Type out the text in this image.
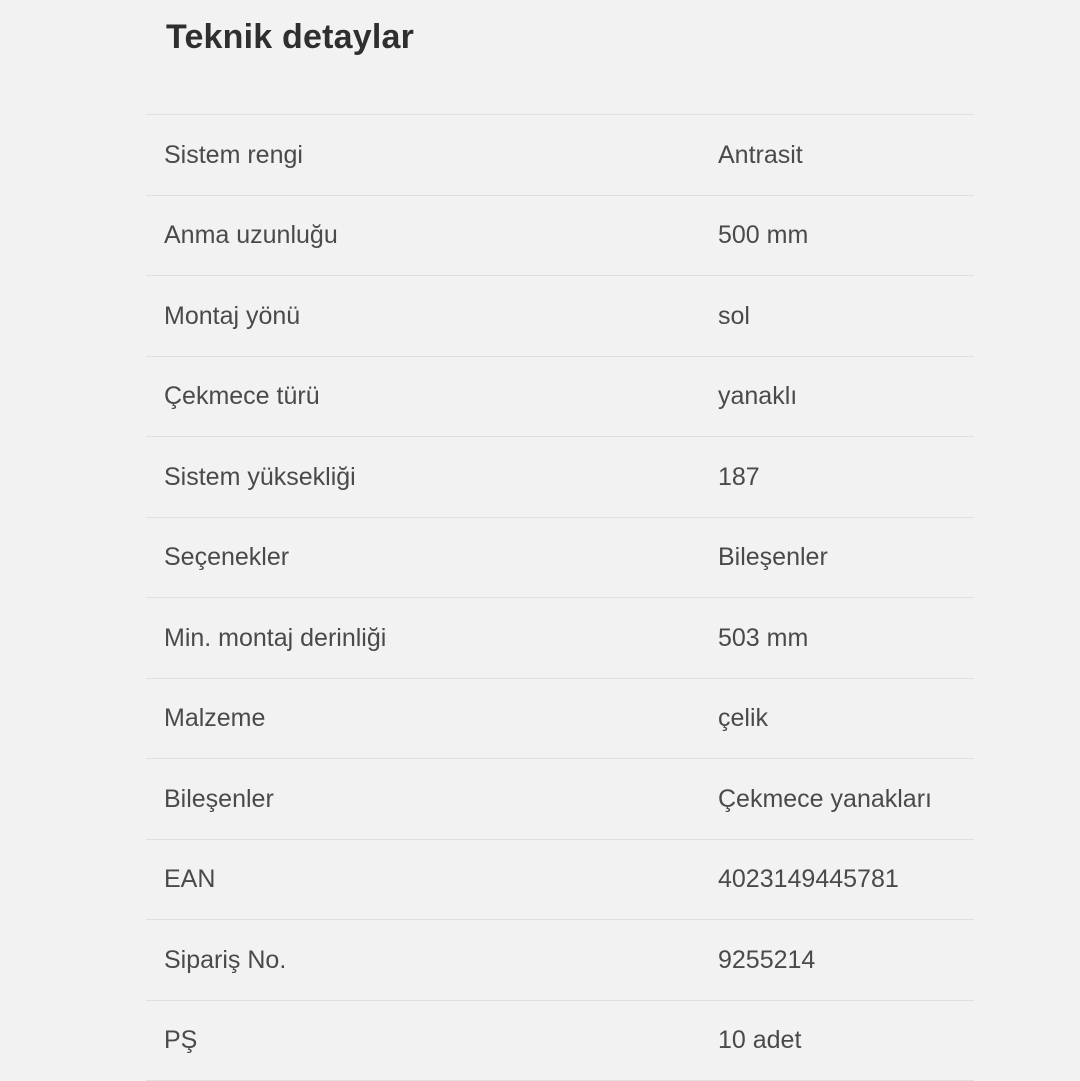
Teknik detaylar
Sistem rengi	Antrasit
Anma uzunluğu	500 mm
Montaj yönü	sol
Çekmece türü	yanaklı
Sistem yüksekliği	187
Seçenekler	Bileşenler
Min. montaj derinliği	503 mm
Malzeme	çelik
Bileşenler	Çekmece yanakları
EAN	4023149445781
Sipariş No.	9255214
PŞ	10 adet
